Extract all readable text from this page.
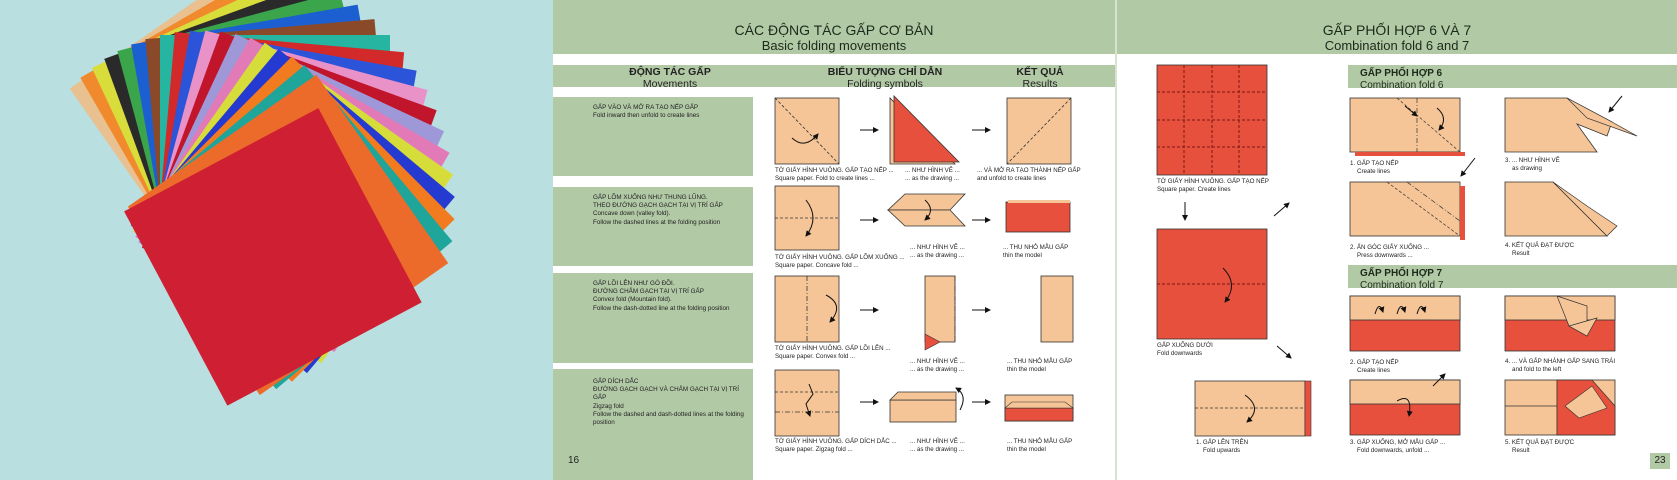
CÁC ĐỘNG TÁC GẤP CƠ BẢN
Basic folding movements
ĐỘNG TÁC GẤP
Movements
BIỂU TƯỢNG CHỈ DẪN
Folding symbols
KẾT QUẢ
Results
GẤP VÀO VÀ MỞ RA TẠO NẾP GẤP
Fold inward then unfold to create lines
GẤP LÕM XUỐNG NHƯ THUNG LŨNG.
THEO ĐƯỜNG GẠCH GẠCH TẠI VỊ TRÍ GẤP
Concave down (valley fold).
Follow the dashed lines at the folding position
GẤP LỒI LÊN NHƯ GÒ ĐỒI.
ĐƯỜNG CHẤM GẠCH TẠI VỊ TRÍ GẤP
Convex fold (Mountain fold).
Follow the dash-dotted line at the folding position
GẤP DÍCH DẮC
ĐƯỜNG GẠCH GẠCH VÀ CHẤM GẠCH TẠI VỊ TRÍ GẤP
Zigzag fold
Follow the dashed and dash-dotted lines at the folding
position
16
TỜ GIẤY HÌNH VUÔNG. GẤP TẠO NẾP ...
Square paper. Fold to create lines ...
... NHƯ HÌNH VẼ ...
... as the drawing ...
... VÀ MỞ RA TẠO THÀNH NẾP GẤP
and unfold to create lines
TỜ GIẤY HÌNH VUÔNG. GẤP LÕM XUỐNG ...
Square paper. Concave fold ...
... NHƯ HÌNH VẼ ...
... as the drawing ...
... THU NHỎ MẪU GẤP
thin the model
TỜ GIẤY HÌNH VUÔNG. GẤP LỒI LÊN ...
Square paper. Convex fold ...
... NHƯ HÌNH VẼ ...
... as the drawing ...
... THU NHỎ MẪU GẤP
thin the model
TỜ GIẤY HÌNH VUÔNG. GẤP DÍCH DẮC ...
Square paper. Zigzag fold ...
... NHƯ HÌNH VẼ ...
... as the drawing ...
... THU NHỎ MẪU GẤP
thin the model
GẤP PHỐI HỢP 6 VÀ 7
Combination fold 6 and 7
GẤP PHỐI HỢP 6
Combination fold 6
GẤP PHỐI HỢP 7
Combination fold 7
TỜ GIẤY HÌNH VUÔNG. GẤP TẠO NẾP
Square paper. Create lines
GẤP XUỐNG DƯỚI
Fold downwards
1. GẤP LÊN TRÊN
Fold upwards
1. GẤP TẠO NẾP
Create lines
3. ... NHƯ HÌNH VẼ
as drawing
2. ẤN GÓC GIẤY XUỐNG ...
Press downwards ...
4. KẾT QUẢ ĐẠT ĐƯỢC
Result
2. GẤP TẠO NẾP
Create lines
4. ... VÀ GẤP NHÁNH GẤP SANG TRÁI
and fold to the left
3. GẤP XUỐNG, MỞ MẪU GẤP ...
Fold downwards, unfold ...
5. KẾT QUẢ ĐẠT ĐƯỢC
Result
23
